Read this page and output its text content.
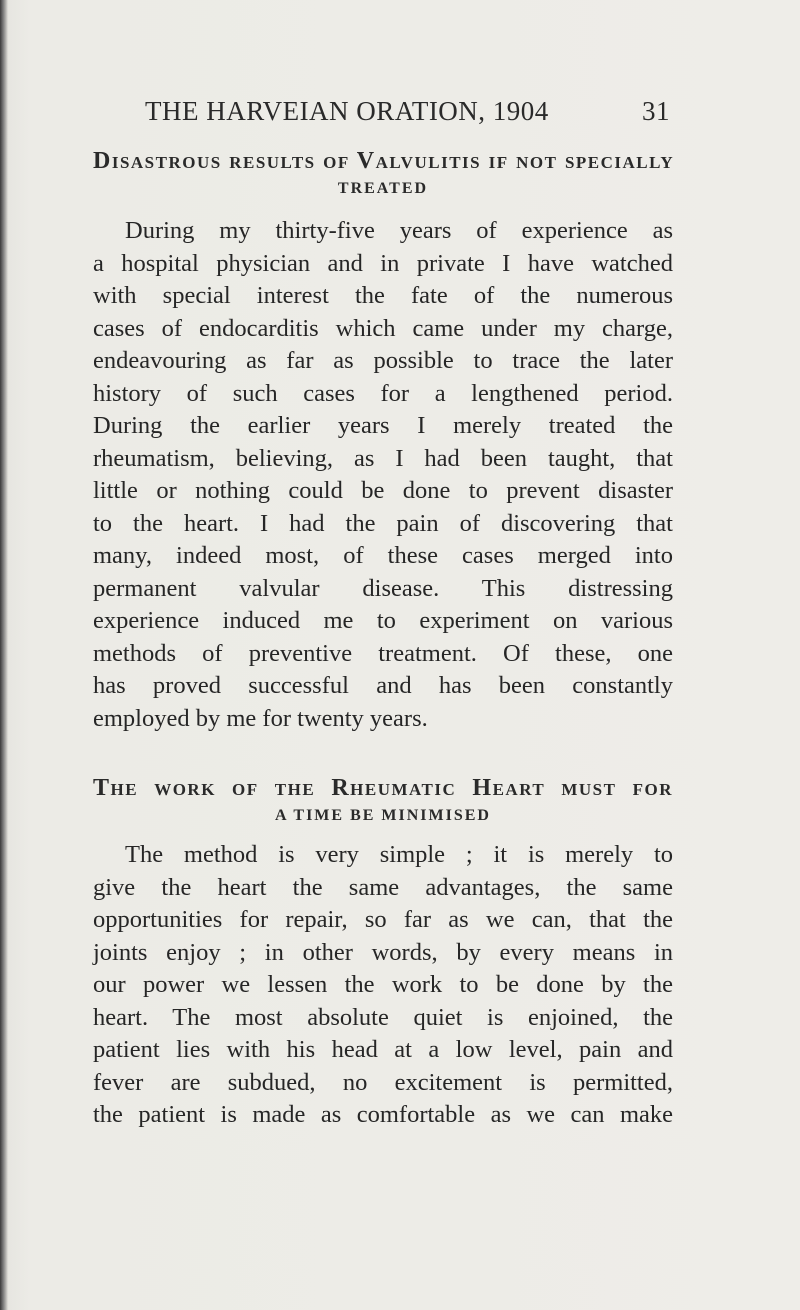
THE HARVEIAN ORATION, 1904	31
Disastrous results of Valvulitis if not specially
TREATED

During my thirty-five years of experience as
a hospital physician and in private I have watched
with special interest the fate of the numerous
cases of endocarditis which came under my charge,
endeavouring as far as possible to trace the later
history of such cases for a lengthened period.
During the earlier years I merely treated the
rheumatism, believing, as I had been taught, that
little or nothing could be done to prevent disaster
to the heart. I had the pain of discovering that
many, indeed most, of these cases merged into
permanent valvular disease. This distressing
experience induced me to experiment on various
methods of preventive treatment. Of these, one
has proved successful and has been constantly
employed by me for twenty years.

The work of the Rheumatic Heart must for
A TIME BE MINIMISED

The method is very simple ; it is merely to
give the heart the same advantages, the same
opportunities for repair, so far as we can, that the
joints enjoy ; in other words, by every means in
our power we lessen the work to be done by the
heart. The most absolute quiet is enjoined, the
patient lies with his head at a low level, pain and
fever are subdued, no excitement is permitted,
the patient is made as comfortable as we can make
